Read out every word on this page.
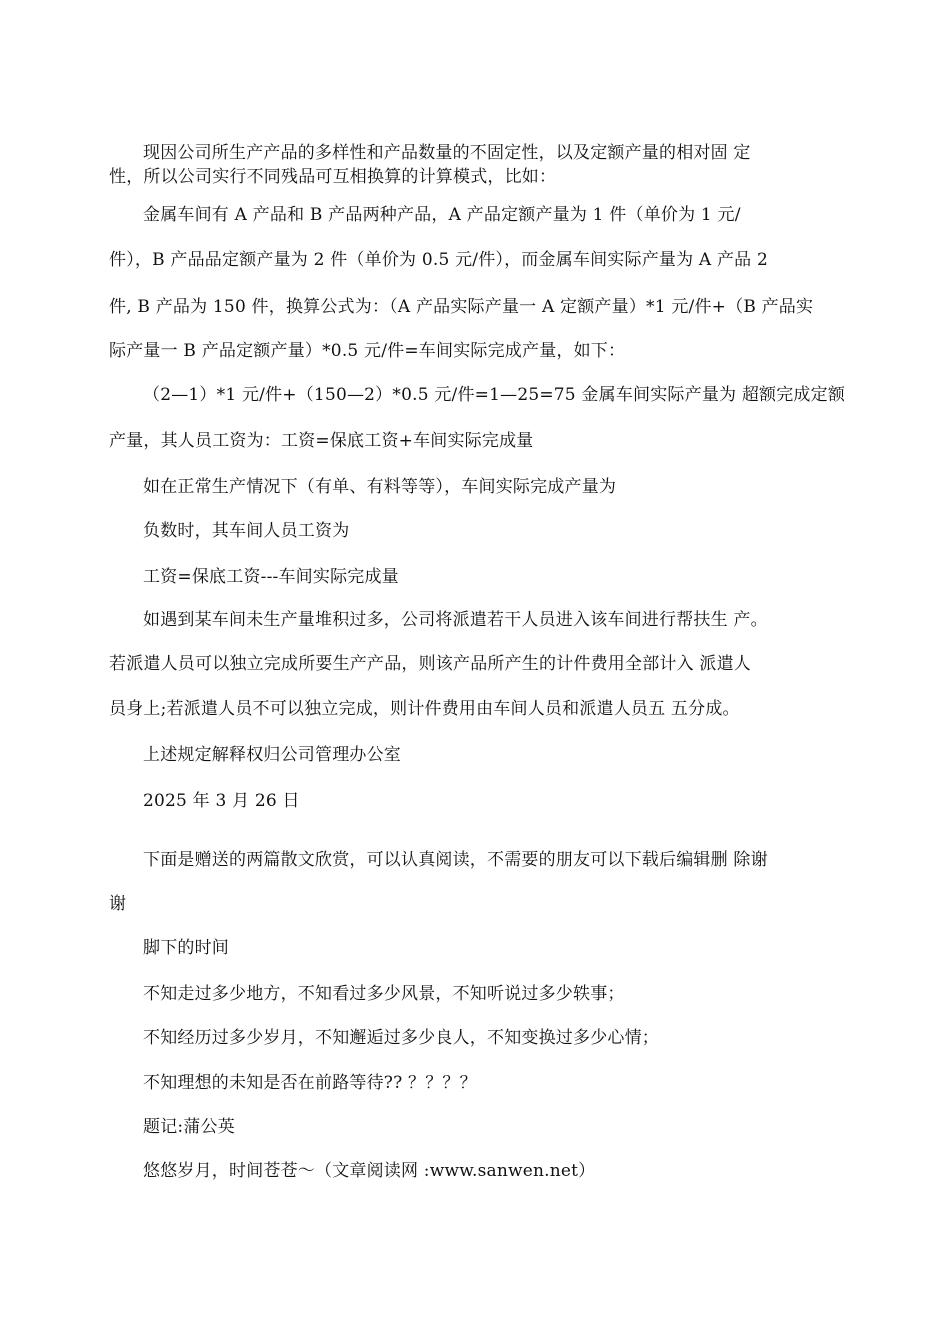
现因公司所生产产品的多样性和产品数量的不固定性，以及定额产量的相对固 定
性，所以公司实行不同残品可互相换算的计算模式，比如：
金属车间有 A 产品和 B 产品两种产品，A 产品定额产量为 1 件（单价为 1 元/
件），B 产品品定额产量为 2 件（单价为 0.5 元/件），而金属车间实际产量为 A 产品 2
件, B 产品为 150 件，换算公式为：（A 产品实际产量一 A 定额产量）*1 元/件+（B 产品实
际产量一 B 产品定额产量）*0.5 元/件=车间实际完成产量，如下：
（2—1）*1 元/件+（150—2）*0.5 元/件=1—25=75 金属车间实际产量为 超额完成定额
产量，其人员工资为：工资=保底工资+车间实际完成量
如在正常生产情况下（有单、有料等等），车间实际完成产量为
负数时，其车间人员工资为
工资=保底工资---车间实际完成量
如遇到某车间未生产量堆积过多，公司将派遣若干人员进入该车间进行帮扶生 产。
若派遣人员可以独立完成所要生产产品，则该产品所产生的计件费用全部计入 派遣人
员身上;若派遣人员不可以独立完成，则计件费用由车间人员和派遣人员五 五分成。
上述规定解释权归公司管理办公室
2025 年 3 月 26 日
下面是赠送的两篇散文欣赏，可以认真阅读，不需要的朋友可以下载后编辑删 除谢
谢
脚下的时间
不知走过多少地方，不知看过多少风景，不知听说过多少轶事；
不知经历过多少岁月，不知邂逅过多少良人，不知变换过多少心情；
不知理想的未知是否在前路等待?? ？？？？
题记:蒲公英
悠悠岁月，时间苍苍〜（文章阅读网 :www.sanwen.net）
